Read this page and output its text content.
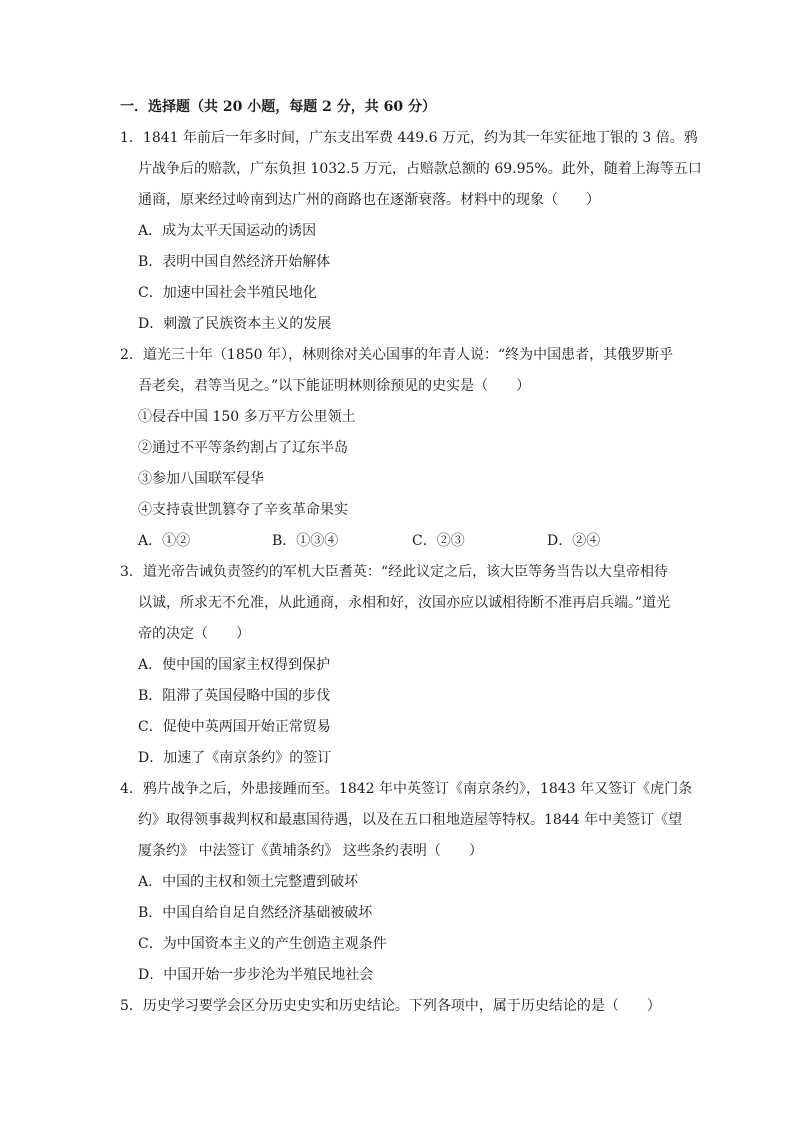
一．选择题（共 20 小题，每题 2 分，共 60 分）
1．1841 年前后一年多时间，广东支出军费 449.6 万元，约为其一年实征地丁银的 3 倍。鸦
片战争后的赔款，广东负担 1032.5 万元，占赔款总额的 69.95%。此外，随着上海等五口
通商，原来经过岭南到达广州的商路也在逐渐衰落。材料中的现象（　　）
A．成为太平天国运动的诱因
B．表明中国自然经济开始解体
C．加速中国社会半殖民地化
D．刺激了民族资本主义的发展
2．道光三十年（1850 年），林则徐对关心国事的年青人说：“终为中国患者，其俄罗斯乎
吾老矣，君等当见之。”以下能证明林则徐预见的史实是（　　）
①侵吞中国 150 多万平方公里领土
②通过不平等条约割占了辽东半岛
③参加八国联军侵华
④支持袁世凯篡夺了辛亥革命果实
A．①②	B．①③④	C．②③	D．②④
3．道光帝告诫负责签约的军机大臣耆英：“经此议定之后，该大臣等务当告以大皇帝相待
以诚，所求无不允准，从此通商，永相和好，汝国亦应以诚相待断不准再启兵端。”道光
帝的决定（　　）
A．使中国的国家主权得到保护
B．阻滞了英国侵略中国的步伐
C．促使中英两国开始正常贸易
D．加速了《南京条约》的签订
4．鸦片战争之后，外患接踵而至。1842 年中英签订《南京条约》，1843 年又签订《虎门条
约》取得领事裁判权和最惠国待遇，以及在五口租地造屋等特权。1844 年中美签订《望
厦条约》 中法签订《黄埔条约》 这些条约表明（　　）
A．中国的主权和领土完整遭到破坏
B．中国自给自足自然经济基础被破坏
C．为中国资本主义的产生创造主观条件
D．中国开始一步步沦为半殖民地社会
5．历史学习要学会区分历史史实和历史结论。下列各项中，属于历史结论的是（　　）
